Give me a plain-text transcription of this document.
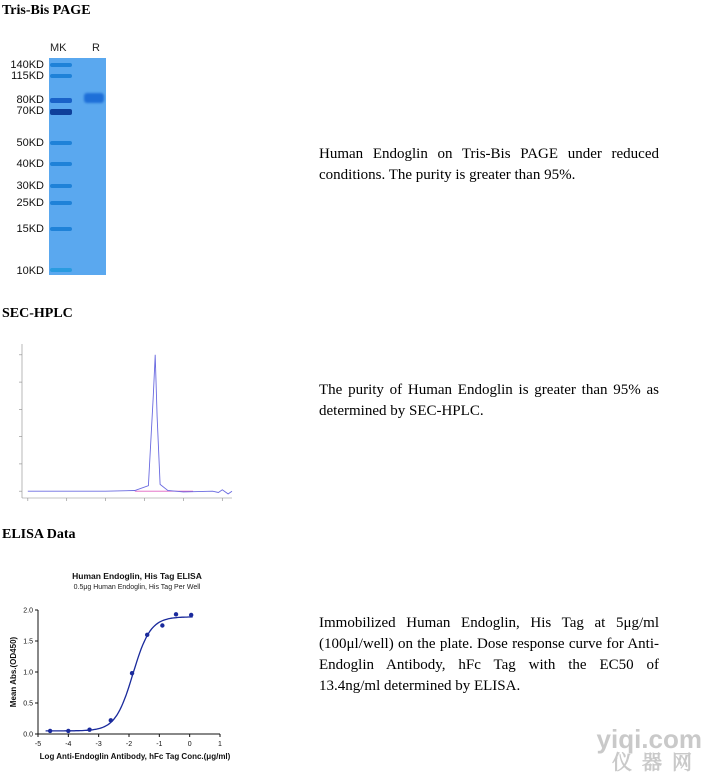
Tris-Bis PAGE
MK R
140KD
115KD
80KD
70KD
50KD
40KD
30KD
25KD
15KD
10KD
Human Endoglin on Tris-Bis PAGE under reduced conditions. The purity is greater than 95%.
SEC-HPLC
The purity of Human Endoglin is greater than 95% as determined by SEC-HPLC.
ELISA Data
Human Endoglin, His Tag ELISA
0.5μg Human Endoglin, His Tag Per Well
Mean Abs.(OD450)
Log Anti-Endoglin Antibody, hFc Tag Conc.(μg/ml)
-5	-4	-3	-2	-1	0	1
0.0
0.5
1.0
1.5
2.0
Immobilized Human Endoglin, His Tag at 5μg/ml (100μl/well) on the plate. Dose response curve for Anti-Endoglin Antibody, hFc Tag with the EC50 of 13.4ng/ml determined by ELISA.
yiqi.com
仪器网
